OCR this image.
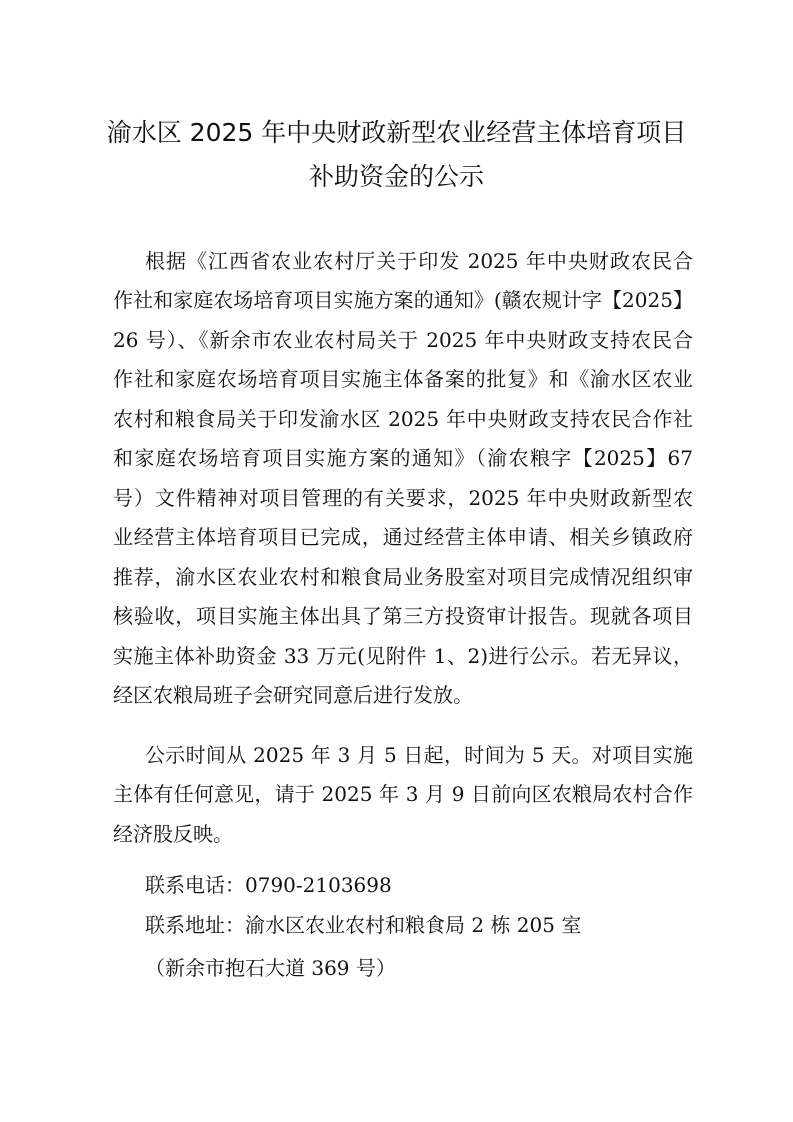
渝水区 2025 年中央财政新型农业经营主体培育项目
补助资金的公示
根据《江西省农业农村厅关于印发 2025 年中央财政农民合
作社和家庭农场培育项目实施方案的通知》(赣农规计字【2025】
26 号）、《新余市农业农村局关于 2025 年中央财政支持农民合
作社和家庭农场培育项目实施主体备案的批复》和《渝水区农业
农村和粮食局关于印发渝水区 2025 年中央财政支持农民合作社
和家庭农场培育项目实施方案的通知》（渝农粮字【2025】67
号）文件精神对项目管理的有关要求，2025 年中央财政新型农
业经营主体培育项目已完成，通过经营主体申请、相关乡镇政府
推荐，渝水区农业农村和粮食局业务股室对项目完成情况组织审
核验收，项目实施主体出具了第三方投资审计报告。现就各项目
实施主体补助资金 33 万元(见附件 1、2)进行公示。若无异议，
经区农粮局班子会研究同意后进行发放。
公示时间从 2025 年 3 月 5 日起，时间为 5 天。对项目实施
主体有任何意见，请于 2025 年 3 月 9 日前向区农粮局农村合作
经济股反映。
联系电话：0790-2103698
联系地址：渝水区农业农村和粮食局 2 栋 205 室
（新余市抱石大道 369 号）
